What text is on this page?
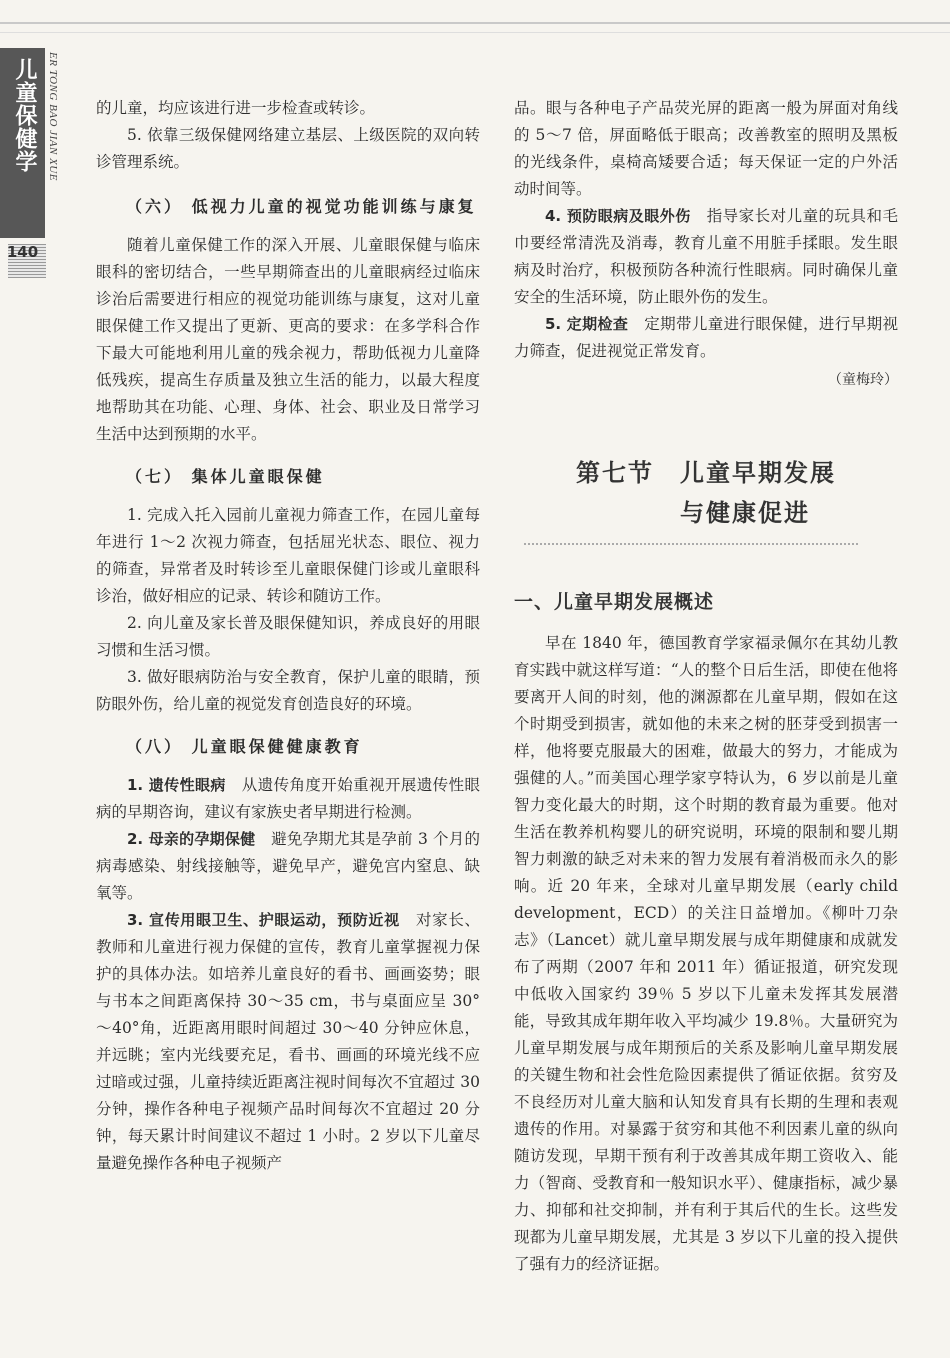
儿童保健学 ER TONG BAO JIAN XUE
140

的儿童，均应该进行进一步检查或转诊。

5. 依靠三级保健网络建立基层、上级医院的双向转诊管理系统。

（六） 低视力儿童的视觉功能训练与康复

随着儿童保健工作的深入开展、儿童眼保健与临床眼科的密切结合，一些早期筛查出的儿童眼病经过临床诊治后需要进行相应的视觉功能训练与康复，这对儿童眼保健工作又提出了更新、更高的要求：在多学科合作下最大可能地利用儿童的残余视力，帮助低视力儿童降低残疾，提高生存质量及独立生活的能力，以最大程度地帮助其在功能、心理、身体、社会、职业及日常学习生活中达到预期的水平。

（七） 集体儿童眼保健

1. 完成入托入园前儿童视力筛查工作，在园儿童每年进行 1～2 次视力筛查，包括屈光状态、眼位、视力的筛查，异常者及时转诊至儿童眼保健门诊或儿童眼科诊治，做好相应的记录、转诊和随访工作。

2. 向儿童及家长普及眼保健知识，养成良好的用眼习惯和生活习惯。

3. 做好眼病防治与安全教育，保护儿童的眼睛，预防眼外伤，给儿童的视觉发育创造良好的环境。

（八） 儿童眼保健健康教育

1. 遗传性眼病　 从遗传角度开始重视开展遗传性眼病的早期咨询，建议有家族史者早期进行检测。

2. 母亲的孕期保健　 避免孕期尤其是孕前 3 个月的病毒感染、射线接触等，避免早产，避免宫内窒息、缺氧等。

3. 宣传用眼卫生、护眼运动，预防近视　 对家长、教师和儿童进行视力保健的宣传，教育儿童掌握视力保护的具体办法。如培养儿童良好的看书、画画姿势；眼与书本之间距离保持 30～35 cm，书与桌面应呈 30°～40°角，近距离用眼时间超过 30～40 分钟应休息，并远眺；室内光线要充足，看书、画画的环境光线不应过暗或过强，儿童持续近距离注视时间每次不宜超过 30 分钟，操作各种电子视频产品时间每次不宜超过 20 分钟，每天累计时间建议不超过 1 小时。2 岁以下儿童尽量避免操作各种电子视频产

品。眼与各种电子产品荧光屏的距离一般为屏面对角线的 5～7 倍，屏面略低于眼高；改善教室的照明及黑板的光线条件，桌椅高矮要合适；每天保证一定的户外活动时间等。

4. 预防眼病及眼外伤　 指导家长对儿童的玩具和毛巾要经常清洗及消毒，教育儿童不用脏手揉眼。发生眼病及时治疗，积极预防各种流行性眼病。同时确保儿童安全的生活环境，防止眼外伤的发生。

5. 定期检查　 定期带儿童进行眼保健，进行早期视力筛查，促进视觉正常发育。

（童梅玲）
第七节　儿童早期发展
与健康促进
一、儿童早期发展概述

早在 1840 年，德国教育学家福录佩尔在其幼儿教育实践中就这样写道：“人的整个日后生活，即使在他将要离开人间的时刻，他的渊源都在儿童早期，假如在这个时期受到损害，就如他的未来之树的胚芽受到损害一样，他将要克服最大的困难，做最大的努力，才能成为强健的人。”而美国心理学家亨特认为，6 岁以前是儿童智力变化最大的时期，这个时期的教育最为重要。他对生活在教养机构婴儿的研究说明，环境的限制和婴儿期智力刺激的缺乏对未来的智力发展有着消极而永久的影响。近 20 年来，全球对儿童早期发展（early child development，ECD）的关注日益增加。《柳叶刀杂志》（Lancet）就儿童早期发展与成年期健康和成就发布了两期（2007 年和 2011 年）循证报道，研究发现中低收入国家约 39％ 5 岁以下儿童未发挥其发展潜能，导致其成年期年收入平均减少 19.8％。大量研究为儿童早期发展与成年期预后的关系及影响儿童早期发展的关键生物和社会性危险因素提供了循证依据。贫穷及不良经历对儿童大脑和认知发育具有长期的生理和表观遗传的作用。对暴露于贫穷和其他不利因素儿童的纵向随访发现，早期干预有利于改善其成年期工资收入、能力（智商、受教育和一般知识水平）、健康指标，减少暴力、抑郁和社交抑制，并有利于其后代的生长。这些发现都为儿童早期发展，尤其是 3 岁以下儿童的投入提供了强有力的经济证据。
